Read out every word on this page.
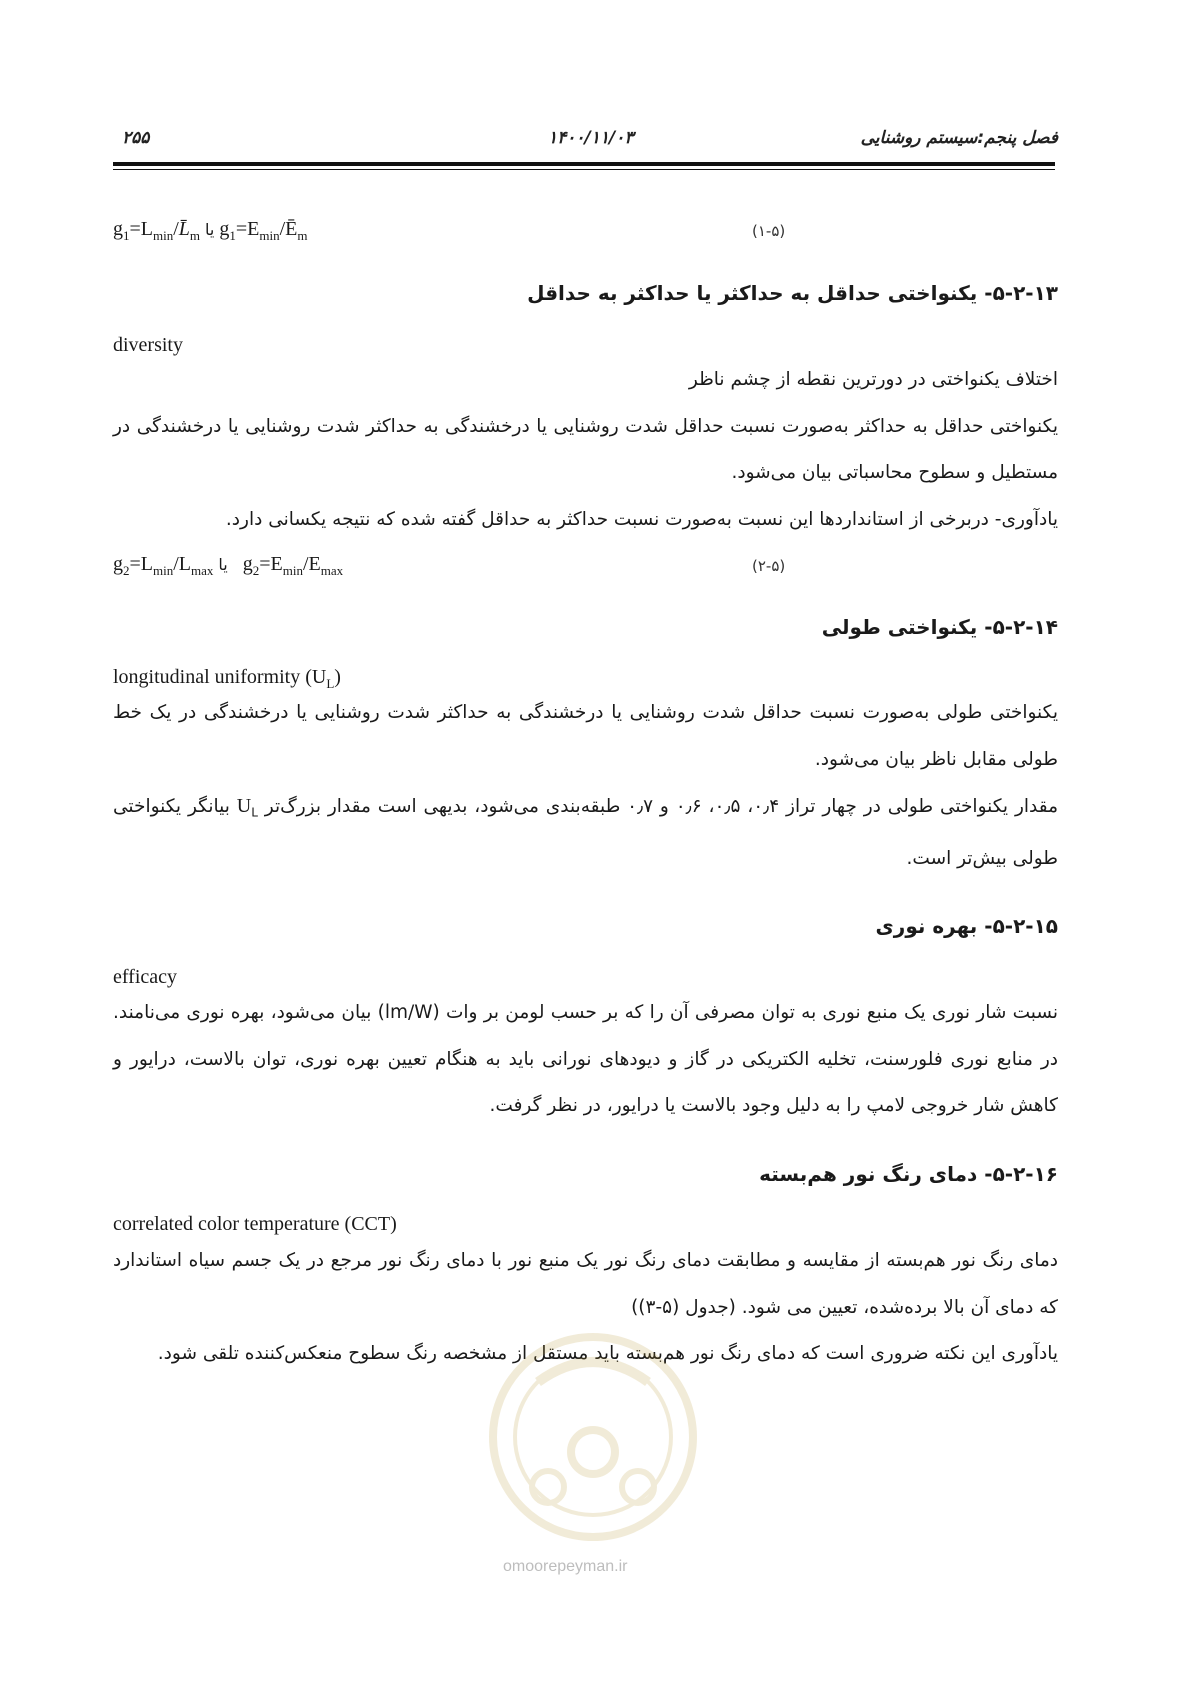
فصل پنجم:سیستم روشنایی
۱۴۰۰/۱۱/۰۳
۲۵۵
$g_1=L_{min}/L̄_m$ یا $g_1=E_{min}/Ē_m$	(۱-۵)
۵-۲-۱۳- یکنواختی حداقل به حداکثر یا حداکثر به حداقل
diversity

اختلاف یکنواختی در دورترین نقطه از چشم ناظر

یکنواختی حداقل به حداکثر به‌صورت نسبت حداقل شدت روشنایی یا درخشندگی به حداکثر شدت روشنایی یا درخشندگی در مستطیل و سطوح محاسباتی بیان می‌شود.

یادآوری- دربرخی از استانداردها این نسبت به‌صورت نسبت حداکثر به حداقل گفته شده که نتیجه یکسانی دارد.

$g_2=L_{min}/L_{max}$ یا   $g_2=E_{min}/E_{max}$	(۲-۵)
۵-۲-۱۴- یکنواختی طولی
longitudinal uniformity $(U_L)$

یکنواختی طولی به‌صورت نسبت حداقل شدت روشنایی یا درخشندگی به حداکثر شدت روشنایی یا درخشندگی در یک خط طولی مقابل ناظر بیان می‌شود.

مقدار یکنواختی طولی در چهار تراز ۰٫۴، ۰٫۵، ۰٫۶ و ۰٫۷ طبقه‌بندی می‌شود، بدیهی است مقدار بزرگ‌تر $U_L$ بیانگر یکنواختی طولی بیش‌تر است.

۵-۲-۱۵- بهره نوری
efficacy

نسبت شار نوری یک منبع نوری به توان مصرفی آن را که بر حسب لومن بر وات (lm/W) بیان می‌شود، بهره نوری می‌نامند. در منابع نوری فلورسنت، تخلیه الکتریکی در گاز و دیودهای نورانی باید به هنگام تعیین بهره نوری، توان بالاست، درایور و کاهش شار خروجی لامپ را به دلیل وجود بالاست یا درایور، در نظر گرفت.

۵-۲-۱۶- دمای رنگ نور هم‌بسته
correlated color temperature (CCT)

دمای رنگ نور هم‌بسته از مقایسه و مطابقت دمای رنگ نور یک منبع نور با دمای رنگ نور مرجع در یک جسم سیاه استاندارد که دمای آن بالا برده‌شده، تعیین می شود. (جدول (۵-۳))

یادآوری این نکته ضروری است که دمای رنگ نور هم‌بسته باید مستقل از مشخصه رنگ سطوح منعکس‌کننده تلقی شود.

omoorepeyman.ir
